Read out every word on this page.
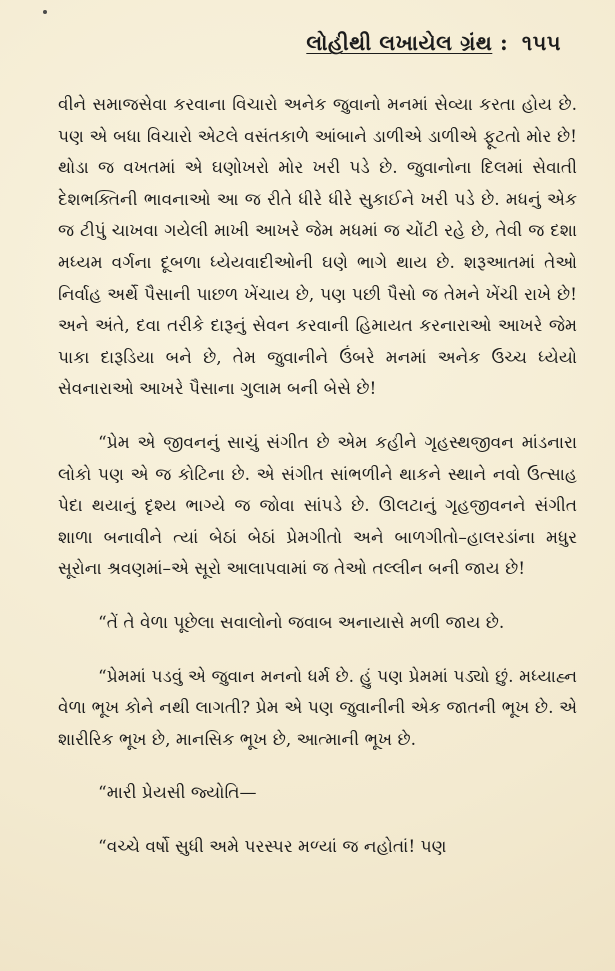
લોહીથી લખાયેલ ગ્રંથ : ૧૫૫

વીને સમાજસેવા કરવાના વિચારો અનેક જુવાનો મનમાં સેવ્યા કરતા હોય છે. પણ એ બધા વિચારો એટલે વસંતકાળે આંબાને ડાળીએ ડાળીએ ફૂટતો મોર છે! થોડા જ વખતમાં એ ઘણોખરો મોર ખરી પડે છે. જુવાનોના દિલમાં સેવાતી દેશભક્તિની ભાવનાઓ આ જ રીતે ધીરે ધીરે સુકાઈને ખરી પડે છે. મધનું એક જ ટીપું ચાખવા ગયેલી માખી આખરે જેમ મધમાં જ ચોંટી રહે છે, તેવી જ દશા મધ્યમ વર્ગના દૂબળા ધ્યેયવાદીઓની ઘણે ભાગે થાય છે. શરૂઆતમાં તેઓ નિર્વાહ અર્થે પૈસાની પાછળ ખેંચાય છે, પણ પછી પૈસો જ તેમને ખેંચી રાખે છે! અને અંતે, દવા તરીકે દારૂનું સેવન કરવાની હિમાયત કરનારાઓ આખરે જેમ પાકા દારૂડિયા બને છે, તેમ જુવાનીને ઉંબરે મનમાં અનેક ઉચ્ચ ધ્યેયો સેવનારાઓ આખરે પૈસાના ગુલામ બની બેસે છે!

“પ્રેમ એ જીવનનું સાચું સંગીત છે એમ કહીને ગૃહસ્થજીવન માંડનારા લોકો પણ એ જ કોટિના છે. એ સંગીત સાંભળીને થાકને સ્થાને નવો ઉત્સાહ પેદા થયાનું દૃશ્ય ભાગ્યે જ જોવા સાંપડે છે. ઊલટાનું ગૃહજીવનને સંગીત શાળા બનાવીને ત્યાં બેઠાં બેઠાં પ્રેમગીતો અને બાળગીતો–હાલરડાંના મધુર સૂરોના શ્રવણમાં–એ સૂરો આલાપવામાં જ તેઓ તલ્લીન બની જાય છે!

“તેં તે વેળા પૂછેલા સવાલોનો જવાબ અનાયાસે મળી જાય છે.

“પ્રેમમાં પડવું એ જુવાન મનનો ધર્મ છે. હું પણ પ્રેમમાં પડ્યો છું. મધ્યાહ્ન વેળા ભૂખ કોને નથી લાગતી? પ્રેમ એ પણ જુવાનીની એક જાતની ભૂખ છે. એ શારીરિક ભૂખ છે, માનસિક ભૂખ છે, આત્માની ભૂખ છે.

“મારી પ્રેયસી જ્યોતિ—

“વચ્ચે વર્ષો સુધી અમે પરસ્પર મળ્યાં જ નહોતાં! પણ
